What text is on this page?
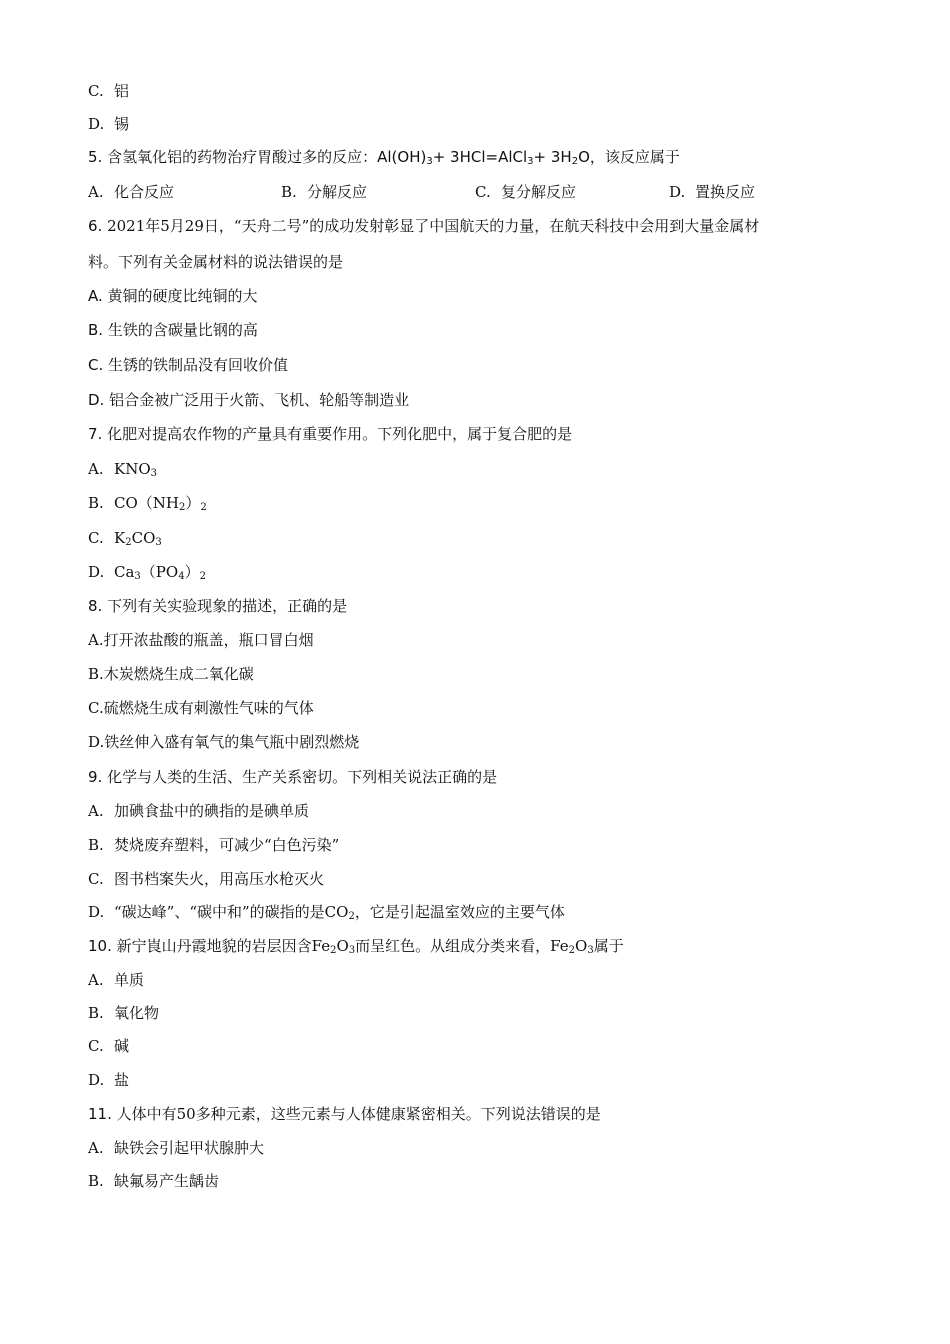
C. 铝
D. 锡
5. 含氢氧化铝的药物治疗胃酸过多的反应：$Al(OH)_3+$ 3HCl=AlCl$_3$+ $3H_2O$，该反应属于
A. 化合反应	B. 分解反应	C. 复分解反应	D. 置换反应
6. 2021年5月29日，“天舟二号”的成功发射彰显了中国航天的力量，在航天科技中会用到大量金属材
料。下列有关金属材料的说法错误的是
A. 黄铜的硬度比纯铜的大
B. 生铁的含碳量比钢的高
C. 生锈的铁制品没有回收价值
D. 铝合金被广泛用于火箭、飞机、轮船等制造业
7. 化肥对提高农作物的产量具有重要作用。下列化肥中，属于复合肥的是
A. $KNO_3$
B. $CO(NH_2)_2$
C. $K_2CO_3$
D. $Ca_3(PO_4)_2$
8. 下列有关实验现象的描述，正确的是
A.打开浓盐酸的瓶盖，瓶口冒白烟
B.木炭燃烧生成二氧化碳
C.硫燃烧生成有刺激性气味的气体
D.铁丝伸入盛有氧气的集气瓶中剧烈燃烧
9. 化学与人类的生活、生产关系密切。下列相关说法正确的是
A. 加碘食盐中的碘指的是碘单质
B. 焚烧废弃塑料，可减少“白色污染”
C. 图书档案失火，用高压水枪灭火
D. “碳达峰”、“碳中和”的碳指的是$CO_2$，它是引起温室效应的主要气体
10. 新宁崀山丹霞地貌的岩层因含$Fe_2O_3$而呈红色。从组成分类来看，$Fe_2O_3$属于
A. 单质
B. 氧化物
C. 碱
D. 盐
11. 人体中有50多种元素，这些元素与人体健康紧密相关。下列说法错误的是
A. 缺铁会引起甲状腺肿大
B. 缺氟易产生龋齿
